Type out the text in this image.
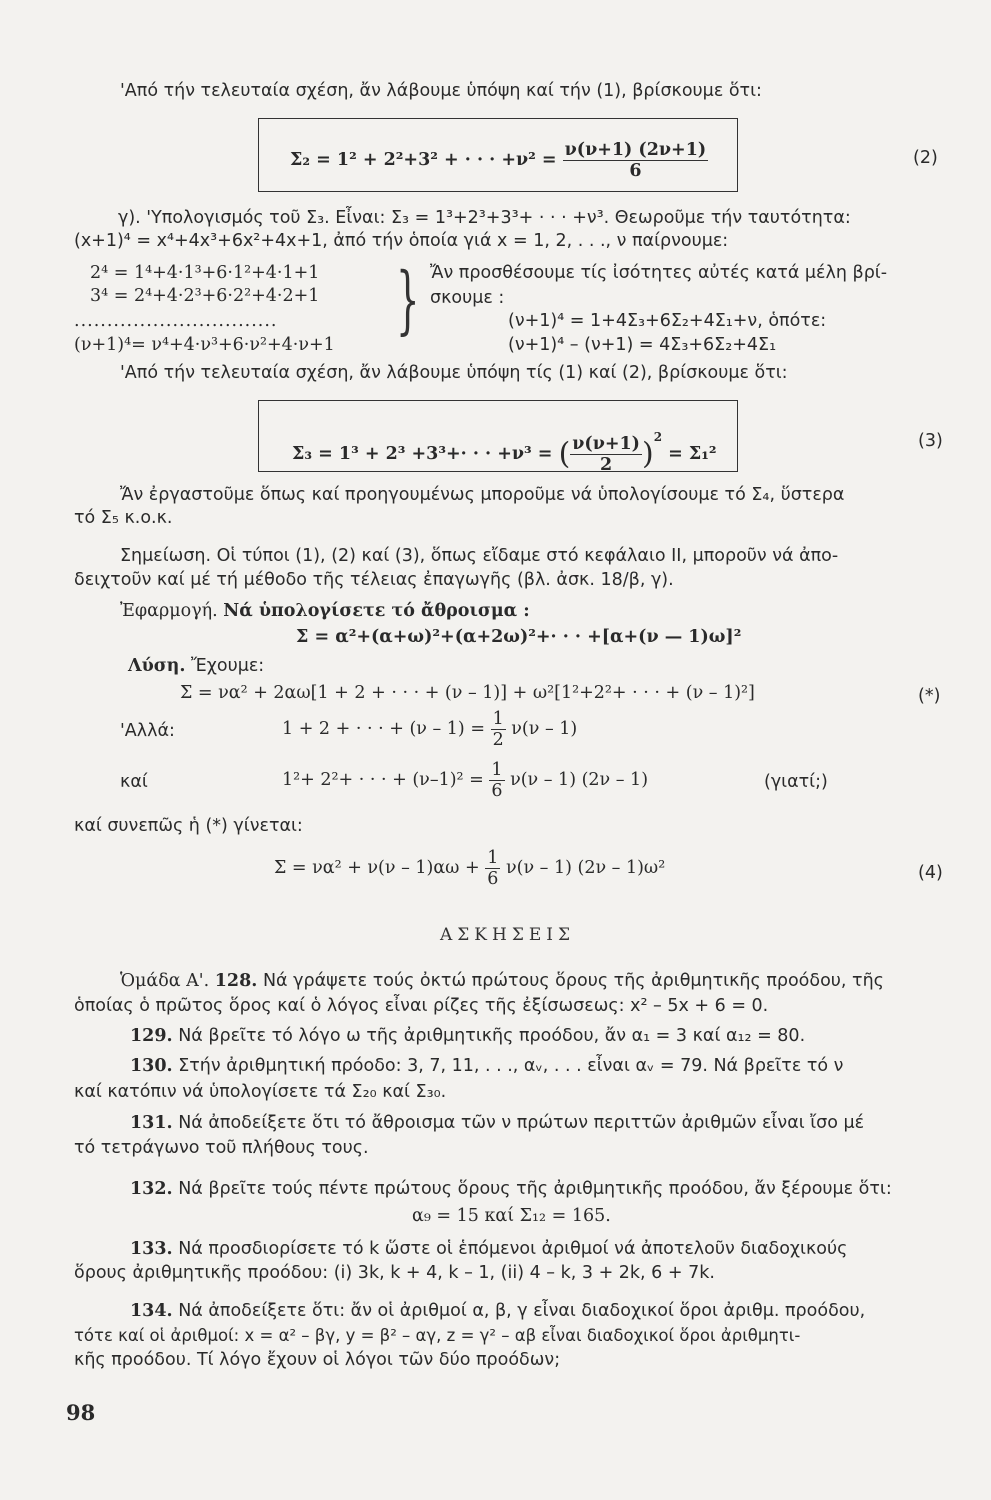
'Από τήν τελευταία σχέση, ἄν λάβουμε ὑπόψη καί τήν (1), βρίσκουμε ὅτι:
Σ₂ = 1² + 2²+3² + · · · $+\nu^2 = \frac{\nu(\nu+1) (2\nu+1)}{6}$	(2)
γ). 'Υπολογισμός τοῦ Σ₃. Εἶναι: Σ₃ = 1³+2³+3³+ · · · +ν³. Θεωροῦμε τήν ταυτότητα:
(x+1)⁴ = x⁴+4x³+6x²+4x+1, ἀπό τήν ὁποία γιά x = 1, 2, . . ., ν παίρνουμε:
2⁴ = 1⁴+4·1³+6·1²+4·1+1
3⁴ = 2⁴+4·2³+6·2²+4·2+1
...............................
(ν+1)⁴= ν⁴+4·ν³+6·ν²+4·ν+1
} Ἄν προσθέσουμε τίς ἰσότητες αὐτές κατά μέλη βρί-
σκουμε :
(ν+1)⁴ = 1+4Σ₃+6Σ₂+4Σ₁+ν, ὁπότε:
(ν+1)⁴ – (ν+1) = 4Σ₃+6Σ₂+4Σ₁
'Από τήν τελευταία σχέση, ἄν λάβουμε ὑπόψη τίς (1) καί (2), βρίσκουμε ὅτι:
Σ₃ = 1³ + 2³ +3³+· · · +ν³ = ( $\frac{\nu(\nu+1)}{2} )^2 = \Sigma_1^2$
(3)
Ἄν ἐργαστοῦμε ὅπως καί προηγουμένως μποροῦμε νά ὑπολογίσουμε τό Σ₄, ὕστερα
τό Σ₅ κ.ο.κ.
Σημείωση. Οἱ τύποι (1), (2) καί (3), ὅπως εἴδαμε στό κεφάλαιο II, μποροῦν νά ἀπο-
δειχτοῦν καί μέ τή μέθοδο τῆς τέλειας ἐπαγωγῆς (βλ. ἀσκ. 18/β, γ).
Ἐφαρμογή. Νά ὑπολογίσετε τό ἄθροισμα :
Σ = α²+(α+ω)²+(α+2ω)²+· · · +[α+(ν — 1)ω]²
Λύση. Ἔχουμε:
Σ = να² + 2αω[1 + 2 + · · · + (ν – 1)] + ω²[1²+2²+ · · · + (ν – 1)²]	(*)
'Αλλά:	1 + 2 + · · · + $(\nu - 1) = \frac{1}{2} \nu(\nu - 1)$
καί	1²+ 2²+ · · · + $(\nu-1)^2 = \frac{1}{6} \nu(\nu - 1)$ (2ν – 1)	(γιατί;)
καί συνεπῶς ἡ (*) γίνεται:
$\Sigma = \nu\alpha^2 + \nu(\nu - 1)\alpha\omega + \frac{1}{6} \nu(\nu - 1)$ (2ν – 1)ω²	(4)
ΑΣΚΗΣΕΙΣ
Ὁμάδα Α'. 128. Νά γράψετε τούς ὀκτώ πρώτους ὅρους τῆς ἀριθμητικῆς προόδου, τῆς
ὁποίας ὁ πρῶτος ὅρος καί ὁ λόγος εἶναι ρίζες τῆς ἐξίσωσεως: x² – 5x + 6 = 0.
129. Νά βρεῖτε τό λόγο ω τῆς ἀριθμητικῆς προόδου, ἄν α₁ = 3 καί α₁₂ = 80.
130. Στήν ἀριθμητική πρόοδο: 3, 7, 11, . . ., αᵥ, . . . εἶναι αᵥ = 79. Νά βρεῖτε τό ν
καί κατόπιν νά ὑπολογίσετε τά Σ₂₀ καί Σ₃₀.
131. Νά ἀποδείξετε ὅτι τό ἄθροισμα τῶν ν πρώτων περιττῶν ἀριθμῶν εἶναι ἴσο μέ
τό τετράγωνο τοῦ πλήθους τους.
132. Νά βρεῖτε τούς πέντε πρώτους ὅρους τῆς ἀριθμητικῆς προόδου, ἄν ξέρουμε ὅτι:
α₉ = 15 καί Σ₁₂ = 165.
133. Νά προσδιορίσετε τό k ὥστε οἱ ἑπόμενοι ἀριθμοί νά ἀποτελοῦν διαδοχικούς
ὅρους ἀριθμητικῆς προόδου: (i) 3k, k + 4, k – 1, (ii) 4 – k, 3 + 2k, 6 + 7k.
134. Νά ἀποδείξετε ὅτι: ἄν οἱ ἀριθμοί α, β, γ εἶναι διαδοχικοί ὅροι ἀριθμ. προόδου,
τότε καί οἱ ἀριθμοί: x = α² – βγ, y = β² – αγ, z = γ² – αβ εἶναι διαδοχικοί ὅροι ἀριθμητι-
κῆς προόδου. Τί λόγο ἔχουν οἱ λόγοι τῶν δύο προόδων;
98
